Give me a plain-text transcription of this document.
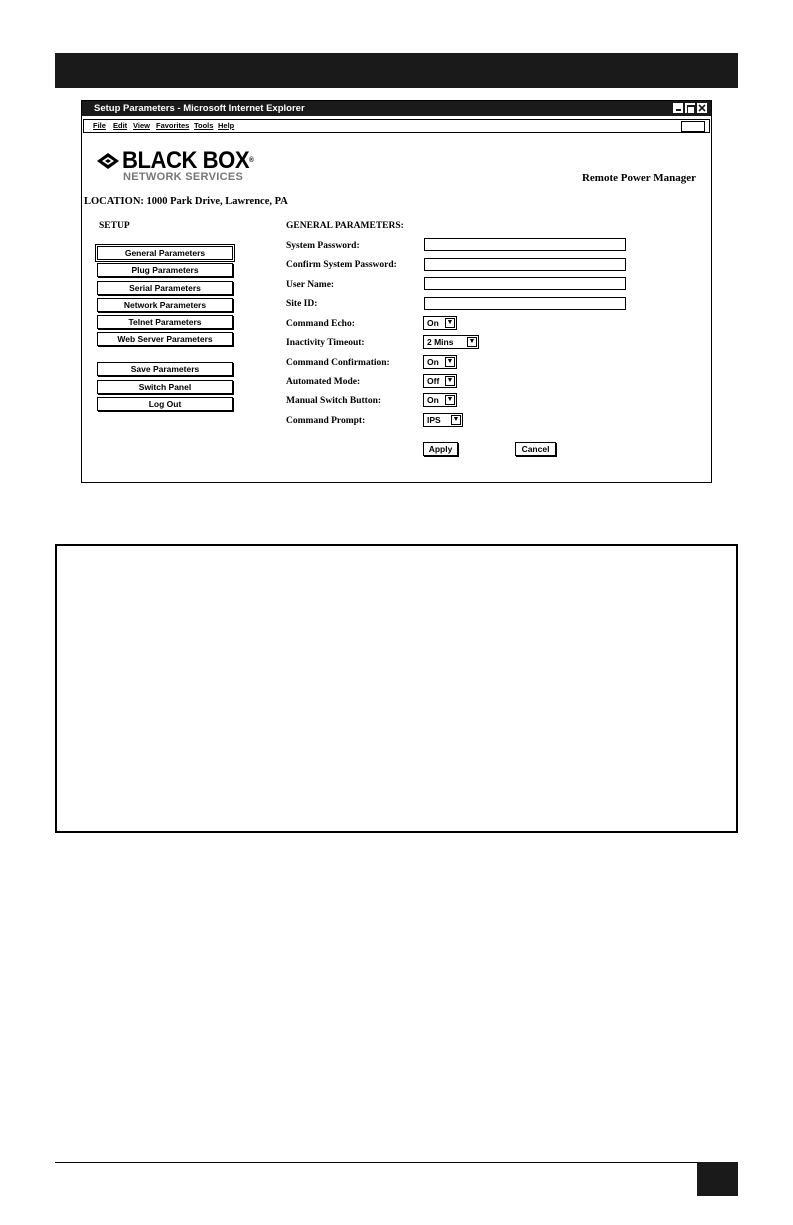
Setup Parameters - Microsoft Internet Explorer
File Edit View Favorites Tools Help
BLACK BOX®
NETWORK SERVICES	Remote Power Manager
LOCATION: 1000 Park Drive, Lawrence, PA
SETUP
General Parameters
Plug Parameters
Serial Parameters
Network Parameters
Telnet Parameters
Web Server Parameters
Save Parameters
Switch Panel
Log Out
GENERAL PARAMETERS:
System Password:
Confirm System Password:
User Name:
Site ID:
Command Echo:	On ▼
Inactivity Timeout:	2 Mins ▼
Command Confirmation:	On ▼
Automated Mode:	Off ▼
Manual Switch Button:	On ▼
Command Prompt:	IPS ▼
Apply	Cancel
